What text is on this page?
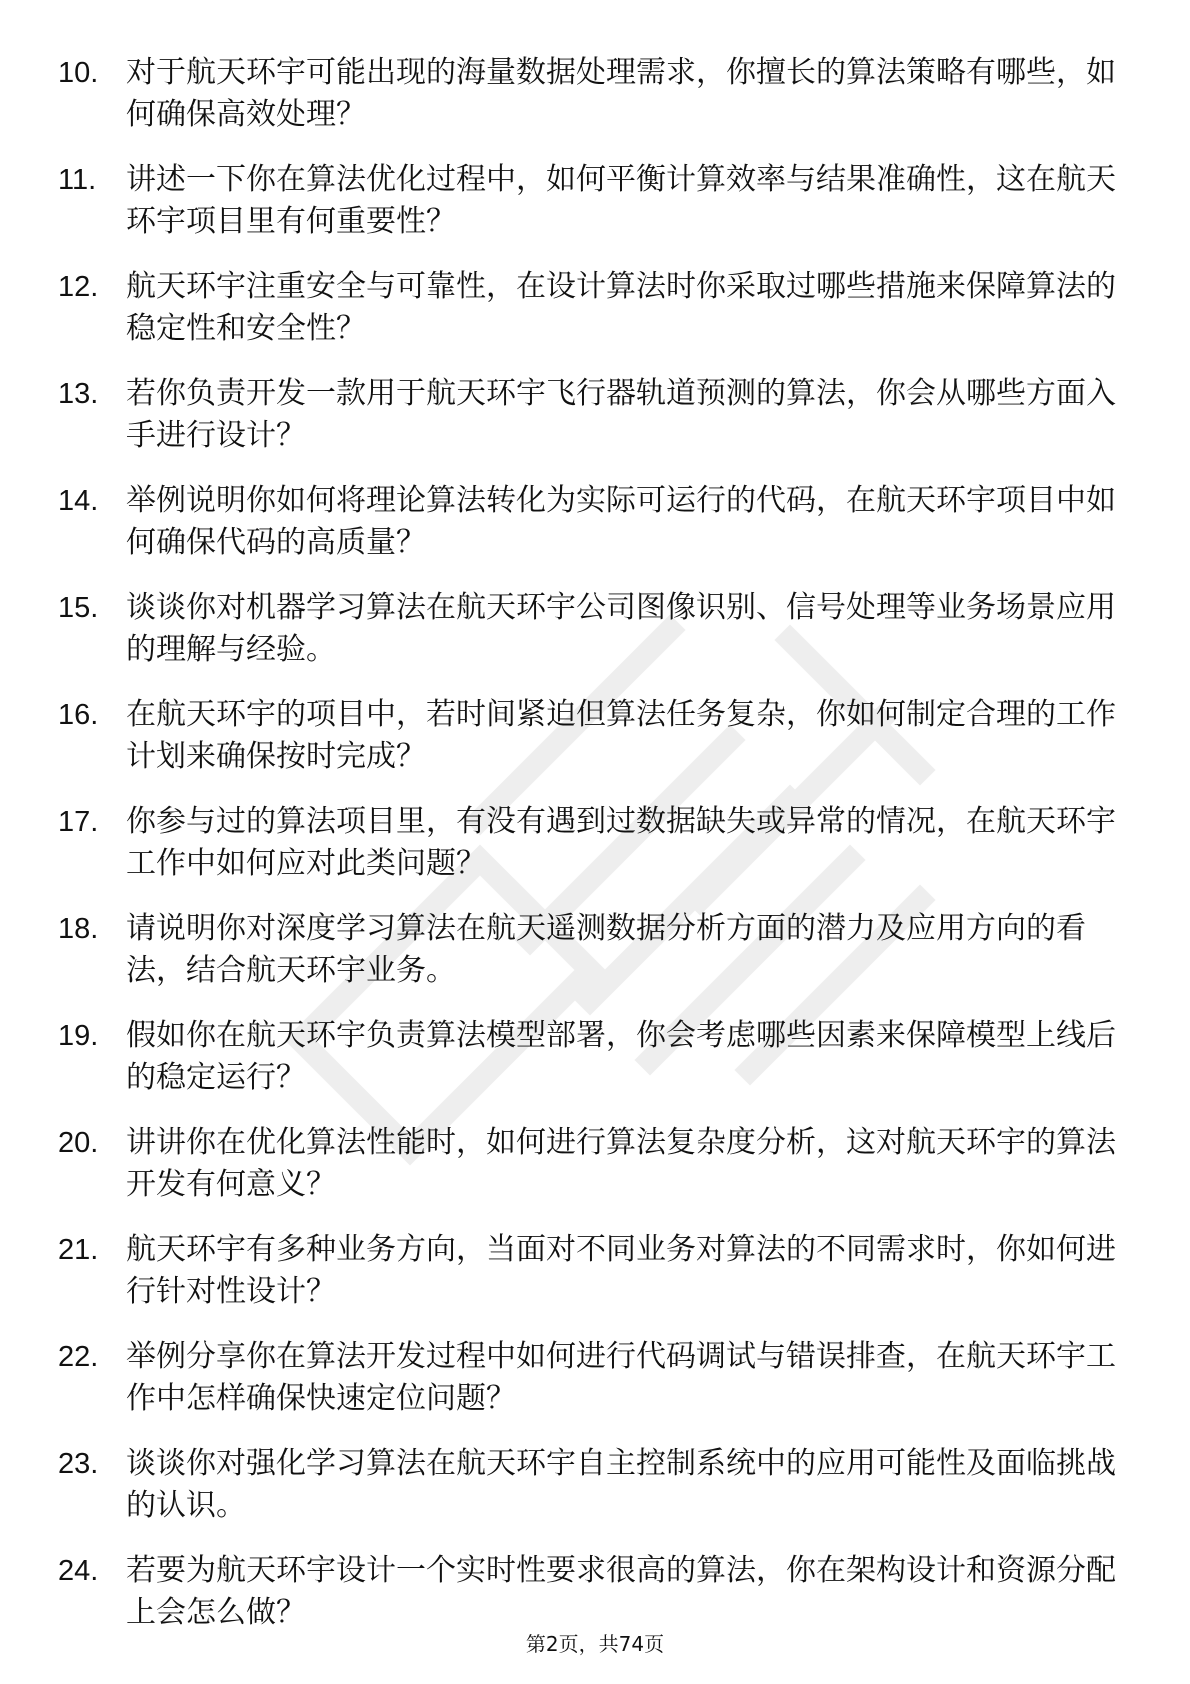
10. 对于航天环宇可能出现的海量数据处理需求，你擅长的算法策略有哪些，如何确保高效处理？
11. 讲述一下你在算法优化过程中，如何平衡计算效率与结果准确性，这在航天环宇项目里有何重要性？
12. 航天环宇注重安全与可靠性，在设计算法时你采取过哪些措施来保障算法的稳定性和安全性？
13. 若你负责开发一款用于航天环宇飞行器轨道预测的算法，你会从哪些方面入手进行设计？
14. 举例说明你如何将理论算法转化为实际可运行的代码，在航天环宇项目中如何确保代码的高质量？
15. 谈谈你对机器学习算法在航天环宇公司图像识别、信号处理等业务场景应用的理解与经验。
16. 在航天环宇的项目中，若时间紧迫但算法任务复杂，你如何制定合理的工作计划来确保按时完成？
17. 你参与过的算法项目里，有没有遇到过数据缺失或异常的情况，在航天环宇工作中如何应对此类问题？
18. 请说明你对深度学习算法在航天遥测数据分析方面的潜力及应用方向的看法，结合航天环宇业务。
19. 假如你在航天环宇负责算法模型部署，你会考虑哪些因素来保障模型上线后的稳定运行？
20. 讲讲你在优化算法性能时，如何进行算法复杂度分析，这对航天环宇的算法开发有何意义？
21. 航天环宇有多种业务方向，当面对不同业务对算法的不同需求时，你如何进行针对性设计？
22. 举例分享你在算法开发过程中如何进行代码调试与错误排查，在航天环宇工作中怎样确保快速定位问题？
23. 谈谈你对强化学习算法在航天环宇自主控制系统中的应用可能性及面临挑战的认识。
24. 若要为航天环宇设计一个实时性要求很高的算法，你在架构设计和资源分配上会怎么做？
第2页，共74页
